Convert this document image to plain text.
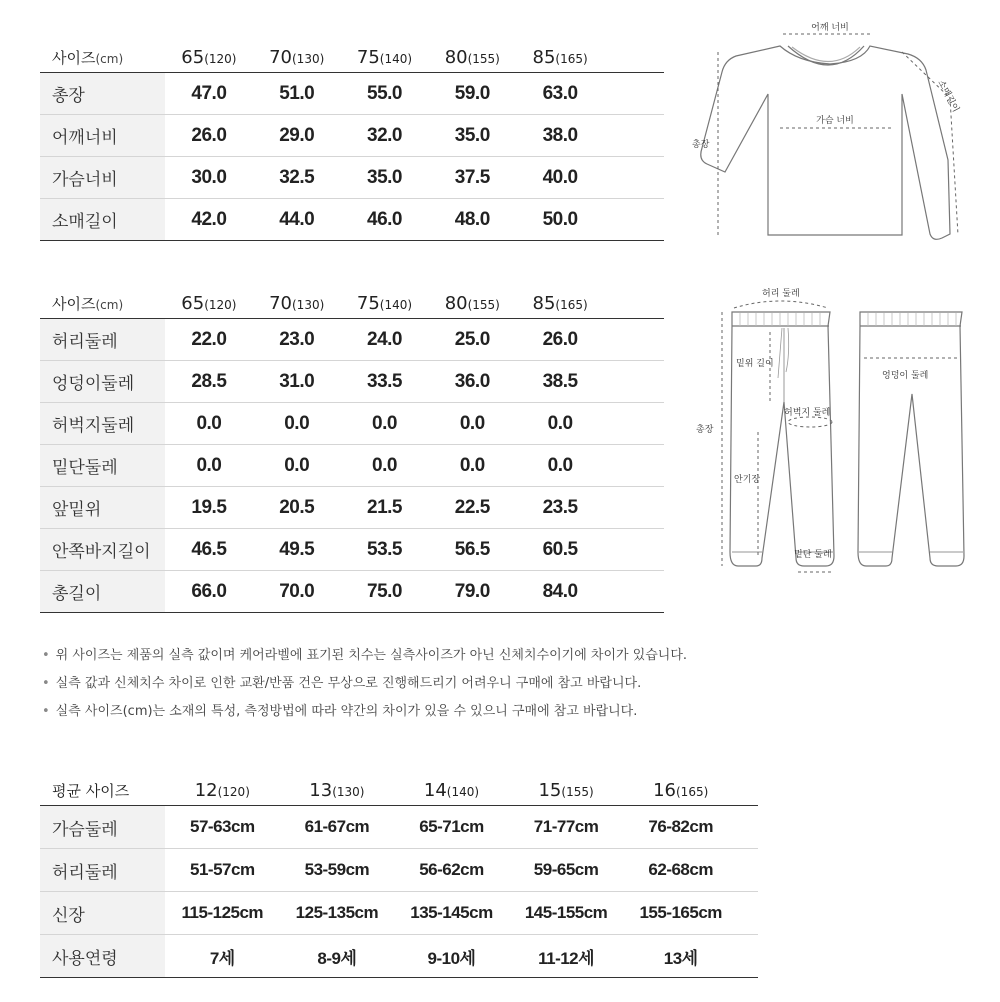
사이즈(cm)	65(120)	70(130)	75(140)	80(155)	85(165)	
총장	47.0	51.0	55.0	59.0	63.0	
어깨너비	26.0	29.0	32.0	35.0	38.0	
가슴너비	30.0	32.5	35.0	37.5	40.0	
소매길이	42.0	44.0	46.0	48.0	50.0	
어깨 너비
가슴 너비
총장
소매길이
사이즈(cm)	65(120)	70(130)	75(140)	80(155)	85(165)	
허리둘레	22.0	23.0	24.0	25.0	26.0	
엉덩이둘레	28.5	31.0	33.5	36.0	38.5	
허벅지둘레	0.0	0.0	0.0	0.0	0.0	
밑단둘레	0.0	0.0	0.0	0.0	0.0	
앞밑위	19.5	20.5	21.5	22.5	23.5	
안쪽바지길이	46.5	49.5	53.5	56.5	60.5	
총길이	66.0	70.0	75.0	79.0	84.0	
허리 둘레
밑위 길이
엉덩이 둘레
총장
허벅지 둘레
안기장
밑단 둘레
• 위 사이즈는 제품의 실측 값이며 케어라벨에 표기된 치수는 실측사이즈가 아닌 신체치수이기에 차이가 있습니다.
• 실측 값과 신체치수 차이로 인한 교환/반품 건은 무상으로 진행해드리기 어려우니 구매에 참고 바랍니다.
• 실측 사이즈(cm)는 소재의 특성, 측정방법에 따라 약간의 차이가 있을 수 있으니 구매에 참고 바랍니다.
평균 사이즈	12(120)	13(130)	14(140)	15(155)	16(165)	
가슴둘레	57-63cm	61-67cm	65-71cm	71-77cm	76-82cm	
허리둘레	51-57cm	53-59cm	56-62cm	59-65cm	62-68cm	
신장	115-125cm	125-135cm	135-145cm	145-155cm	155-165cm	
사용연령	7세	8-9세	9-10세	11-12세	13세	
